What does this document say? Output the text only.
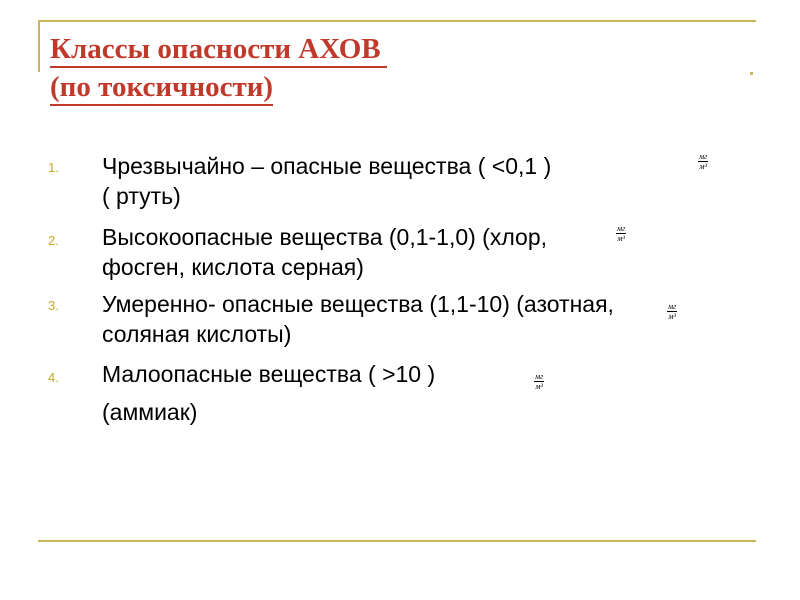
Классы опасности АХОВ
(по токсичности)
1. Чрезвычайно – опасные вещества ( <0,1 )
( ртуть)
мг
м³
2. Высокоопасные вещества (0,1-1,0) (хлор,
фосген, кислота серная)
мг
м³
3. Умеренно- опасные вещества (1,1-10) (азотная,
соляная кислоты)
мг
м³
4. Малоопасные вещества ( >10 )
(аммиак)
мг
м³
